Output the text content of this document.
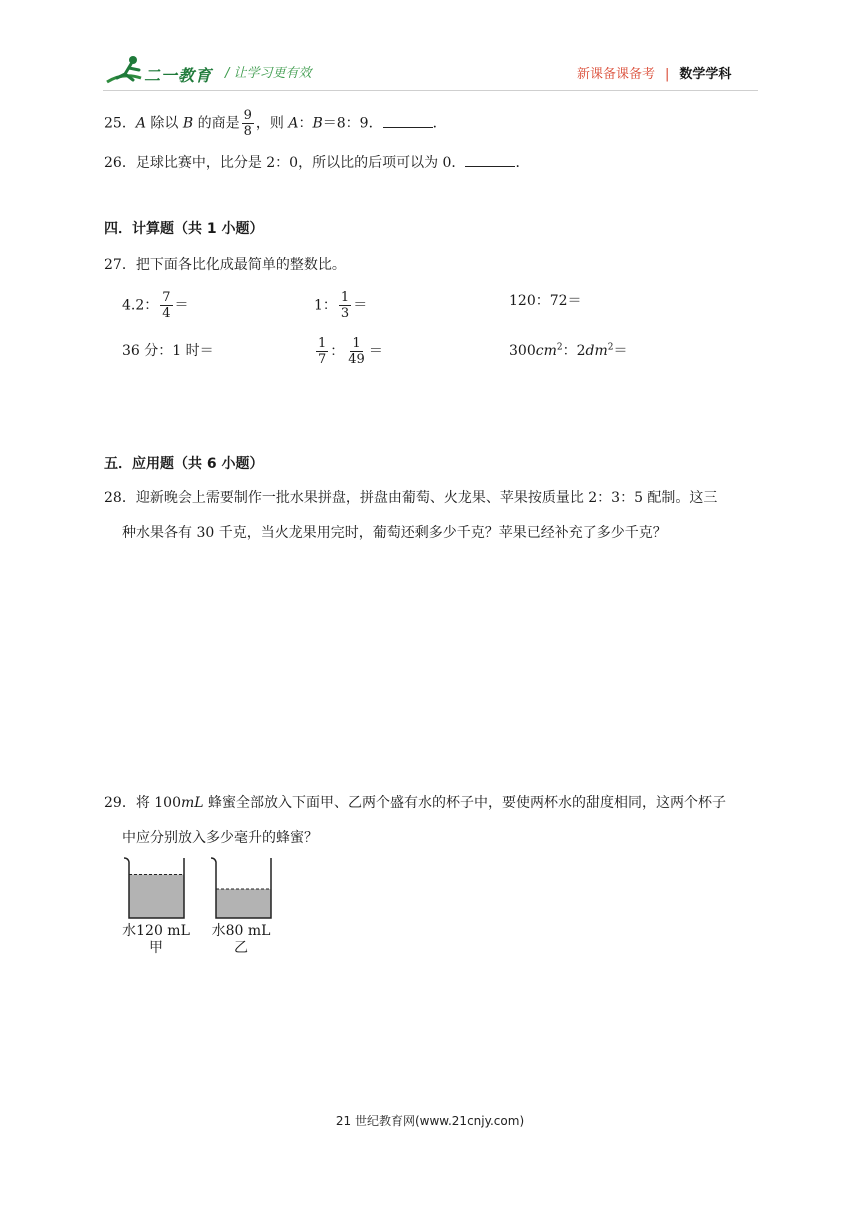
二一教育 / 让学习更有效	新课备课备考 | 数学学科
25．A 除以 B 的商是 $\frac{9}{8}$ ，则 A：B＝8：9．	．
26．足球比赛中，比分是 2：0，所以比的后项可以为 0．	．
四．计算题（共 1 小题）
27．把下面各比化成最简单的整数比。
4.2： $\frac{7}{4}$ ＝	1： $\frac{1}{3}$ ＝	120：72＝
36 分：1 时＝	$\frac{1}{7}$ ： $\frac{1}{49}$ ＝	$300cm^2$：$2dm^2=$
五．应用题（共 6 小题）
28．迎新晚会上需要制作一批水果拼盘，拼盘由葡萄、火龙果、苹果按质量比 2：3：5 配制。这三
种水果各有 30 千克，当火龙果用完时，葡萄还剩多少千克？苹果已经补充了多少千克？
29．将 100mL 蜂蜜全部放入下面甲、乙两个盛有水的杯子中，要使两杯水的甜度相同，这两个杯子
中应分别放入多少毫升的蜂蜜？
水120 mL
甲
水80 mL
乙
21 世纪教育网(www.21cnjy.com)
